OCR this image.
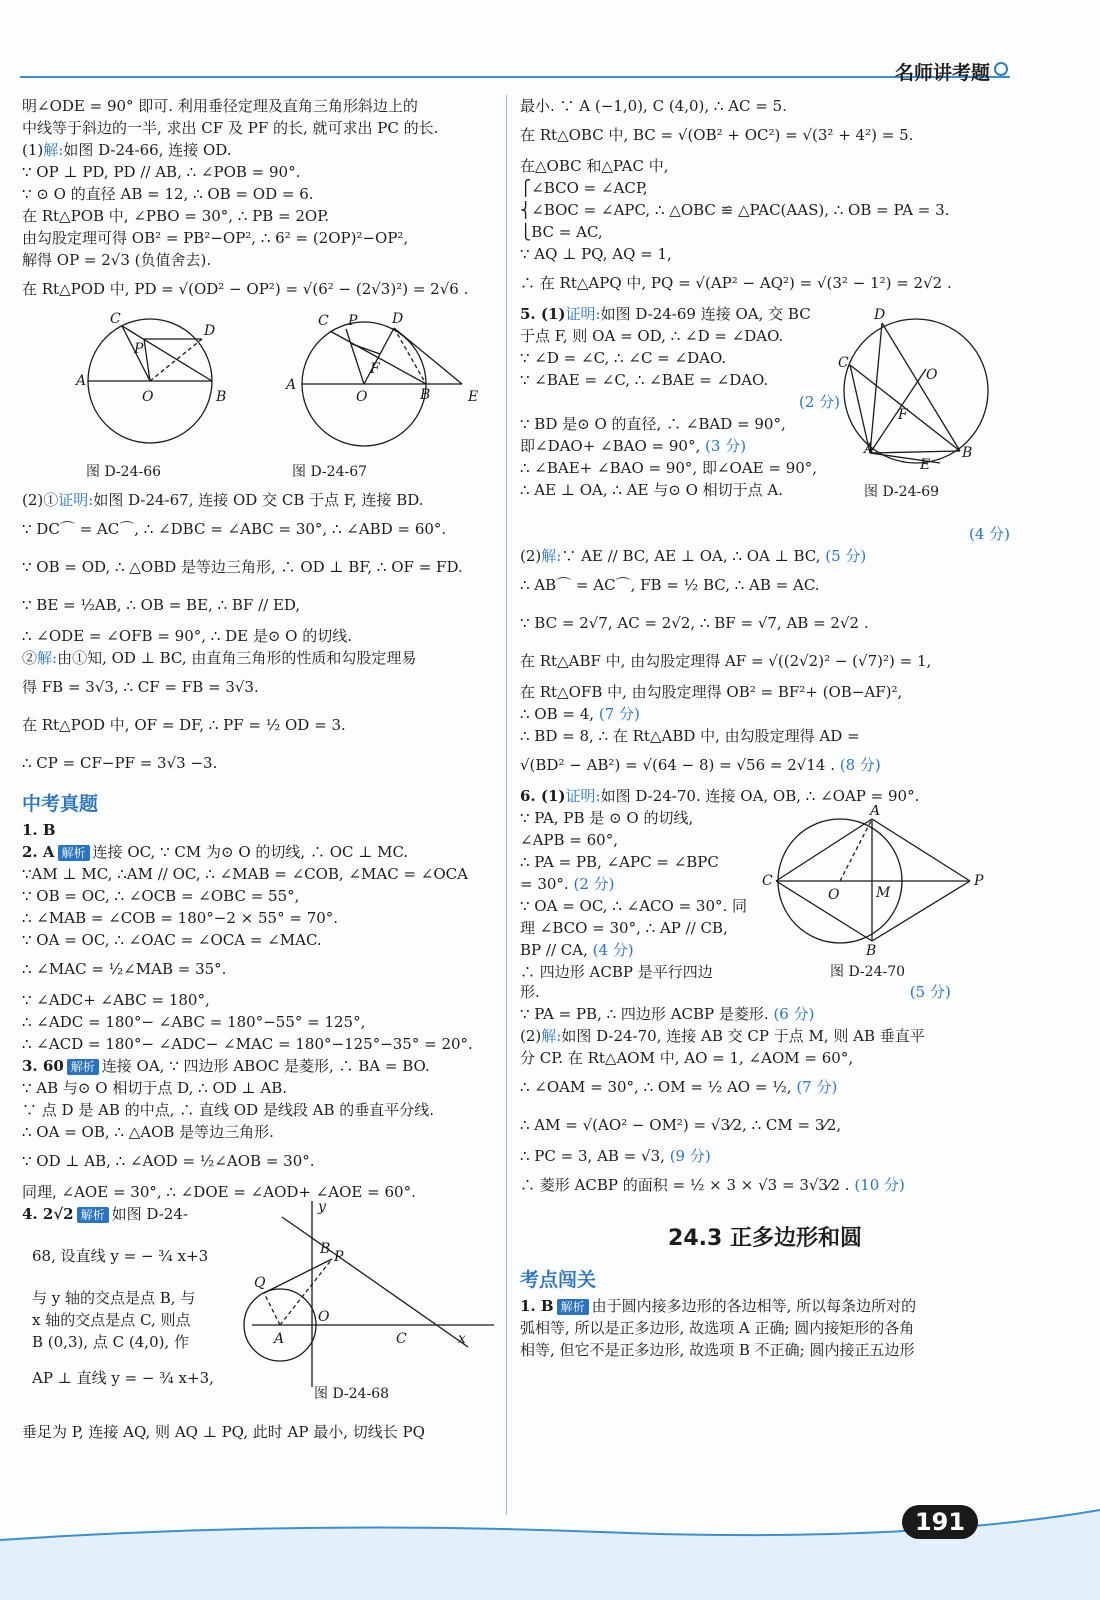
名师讲考题
明∠ODE = 90° 即可. 利用垂径定理及直角三角形斜边上的
中线等于斜边的一半, 求出 CF 及 PF 的长, 就可求出 PC 的长.
(1)解:如图 D-24-66, 连接 OD.
∵ OP ⊥ PD, PD // AB, ∴ ∠POB = 90°.
∵ ⊙ O 的直径 AB = 12, ∴ OB = OD = 6.
在 Rt△POB 中, ∠PBO = 30°, ∴ PB = 2OP.
由勾股定理可得 OB² = PB²−OP², ∴ 6² = (2OP)²−OP²,
解得 OP = 2√3 (负值舍去).
在 Rt△POD 中, PD = √(OD² − OP²) = √(6² − (2√3)²) = 2√6 .
C
D
P
A
O	B
C P D
F
A
O	B	E
图 D-24-66	图 D-24-67
(2)①证明:如图 D-24-67, 连接 OD 交 CB 于点 F, 连接 BD.
∵ DC⌒ = AC⌒, ∴ ∠DBC = ∠ABC = 30°, ∴ ∠ABD = 60°.
∵ OB = OD, ∴ △OBD 是等边三角形, ∴ OD ⊥ BF, ∴ OF = FD.
∵ BE = ½AB, ∴ OB = BE, ∴ BF // ED,
∴ ∠ODE = ∠OFB = 90°, ∴ DE 是⊙ O 的切线.
②解:由①知, OD ⊥ BC, 由直角三角形的性质和勾股定理易
得 FB = 3√3, ∴ CF = FB = 3√3.
在 Rt△POD 中, OF = DF, ∴ PF = ½ OD = 3.
∴ CP = CF−PF = 3√3 −3.
中考真题
1. B
2. A 解析 连接 OC, ∵ CM 为⊙ O 的切线, ∴ OC ⊥ MC.
∵AM ⊥ MC, ∴AM // OC, ∴ ∠MAB = ∠COB, ∠MAC = ∠OCA
∵ OB = OC, ∴ ∠OCB = ∠OBC = 55°,
∴ ∠MAB = ∠COB = 180°−2 × 55° = 70°.
∵ OA = OC, ∴ ∠OAC = ∠OCA = ∠MAC.
∴ ∠MAC = ½∠MAB = 35°.
∵ ∠ADC+ ∠ABC = 180°,
∴ ∠ADC = 180°− ∠ABC = 180°−55° = 125°,
∴ ∠ACD = 180°− ∠ADC− ∠MAC = 180°−125°−35° = 20°.
3. 60 解析 连接 OA, ∵ 四边形 ABOC 是菱形, ∴ BA = BO.
∵ AB 与⊙ O 相切于点 D, ∴ OD ⊥ AB.
∵ 点 D 是 AB 的中点, ∴ 直线 OD 是线段 AB 的垂直平分线.
∴ OA = OB, ∴ △AOB 是等边三角形.
∵ OD ⊥ AB, ∴ ∠AOD = ½∠AOB = 30°.
同理, ∠AOE = 30°, ∴ ∠DOE = ∠AOD+ ∠AOE = 60°.
4. 2√2 解析 如图 D-24-
68, 设直线 y = − ¾ x+3
与 y 轴的交点是点 B, 与
x 轴的交点是点 C, 则点
B (0,3), 点 C (4,0), 作
AP ⊥ 直线 y = − ¾ x+3,
y
B P
Q
O
A	C	x
图 D-24-68
垂足为 P, 连接 AQ, 则 AQ ⊥ PQ, 此时 AP 最小, 切线长 PQ
最小. ∵ A (−1,0), C (4,0), ∴ AC = 5.
在 Rt△OBC 中, BC = √(OB² + OC²) = √(3² + 4²) = 5.
在△OBC 和△PAC 中,
⎧∠BCO = ∠ACP,
⎨∠BOC = ∠APC, ∴ △OBC ≌ △PAC(AAS), ∴ OB = PA = 3.
⎩BC = AC,
∵ AQ ⊥ PQ, AQ = 1,
∴ 在 Rt△APQ 中, PQ = √(AP² − AQ²) = √(3² − 1²) = 2√2 .
5. (1)证明:如图 D-24-69 连接 OA, 交 BC
于点 F, 则 OA = OD, ∴ ∠D = ∠DAO.
∵ ∠D = ∠C, ∴ ∠C = ∠DAO.
∵ ∠BAE = ∠C, ∴ ∠BAE = ∠DAO.
(2 分)
∵ BD 是⊙ O 的直径, ∴ ∠BAD = 90°,
即∠DAO+ ∠BAO = 90°, (3 分)
∴ ∠BAE+ ∠BAO = 90°, 即∠OAE = 90°,
∴ AE ⊥ OA, ∴ AE 与⊙ O 相切于点 A.
D
C
O
F
A
E
B
图 D-24-69
(4 分)
(2)解:∵ AE // BC, AE ⊥ OA, ∴ OA ⊥ BC, (5 分)
∴ AB⌒ = AC⌒, FB = ½ BC, ∴ AB = AC.
∵ BC = 2√7, AC = 2√2, ∴ BF = √7, AB = 2√2 .
在 Rt△ABF 中, 由勾股定理得 AF = √((2√2)² − (√7)²) = 1,
在 Rt△OFB 中, 由勾股定理得 OB² = BF²+ (OB−AF)²,
∴ OB = 4, (7 分)
∴ BD = 8, ∴ 在 Rt△ABD 中, 由勾股定理得 AD =
√(BD² − AB²) = √(64 − 8) = √56 = 2√14 . (8 分)
6. (1)证明:如图 D-24-70. 连接 OA, OB, ∴ ∠OAP = 90°.
∵ PA, PB 是 ⊙ O 的切线,
∠APB = 60°,
∴ PA = PB, ∠APC = ∠BPC
= 30°. (2 分)
∵ OA = OC, ∴ ∠ACO = 30°. 同
理 ∠BCO = 30°, ∴ AP // CB,
BP // CA, (4 分)
∴ 四边形 ACBP 是平行四边
A
C
O	M
P
B
图 D-24-70
形.	(5 分)
∵ PA = PB, ∴ 四边形 ACBP 是菱形. (6 分)
(2)解:如图 D-24-70, 连接 AB 交 CP 于点 M, 则 AB 垂直平
分 CP. 在 Rt△AOM 中, AO = 1, ∠AOM = 60°,
∴ ∠OAM = 30°, ∴ OM = ½ AO = ½, (7 分)
∴ AM = √(AO² − OM²) = √3⁄2, ∴ CM = 3⁄2,
∴ PC = 3, AB = √3, (9 分)
∴ 菱形 ACBP 的面积 = ½ × 3 × √3 = 3√3⁄2 . (10 分)
24.3 正多边形和圆
考点闯关
1. B 解析 由于圆内接多边形的各边相等, 所以每条边所对的
弧相等, 所以是正多边形, 故选项 A 正确; 圆内接矩形的各角
相等, 但它不是正多边形, 故选项 B 不正确; 圆内接正五边形
191
